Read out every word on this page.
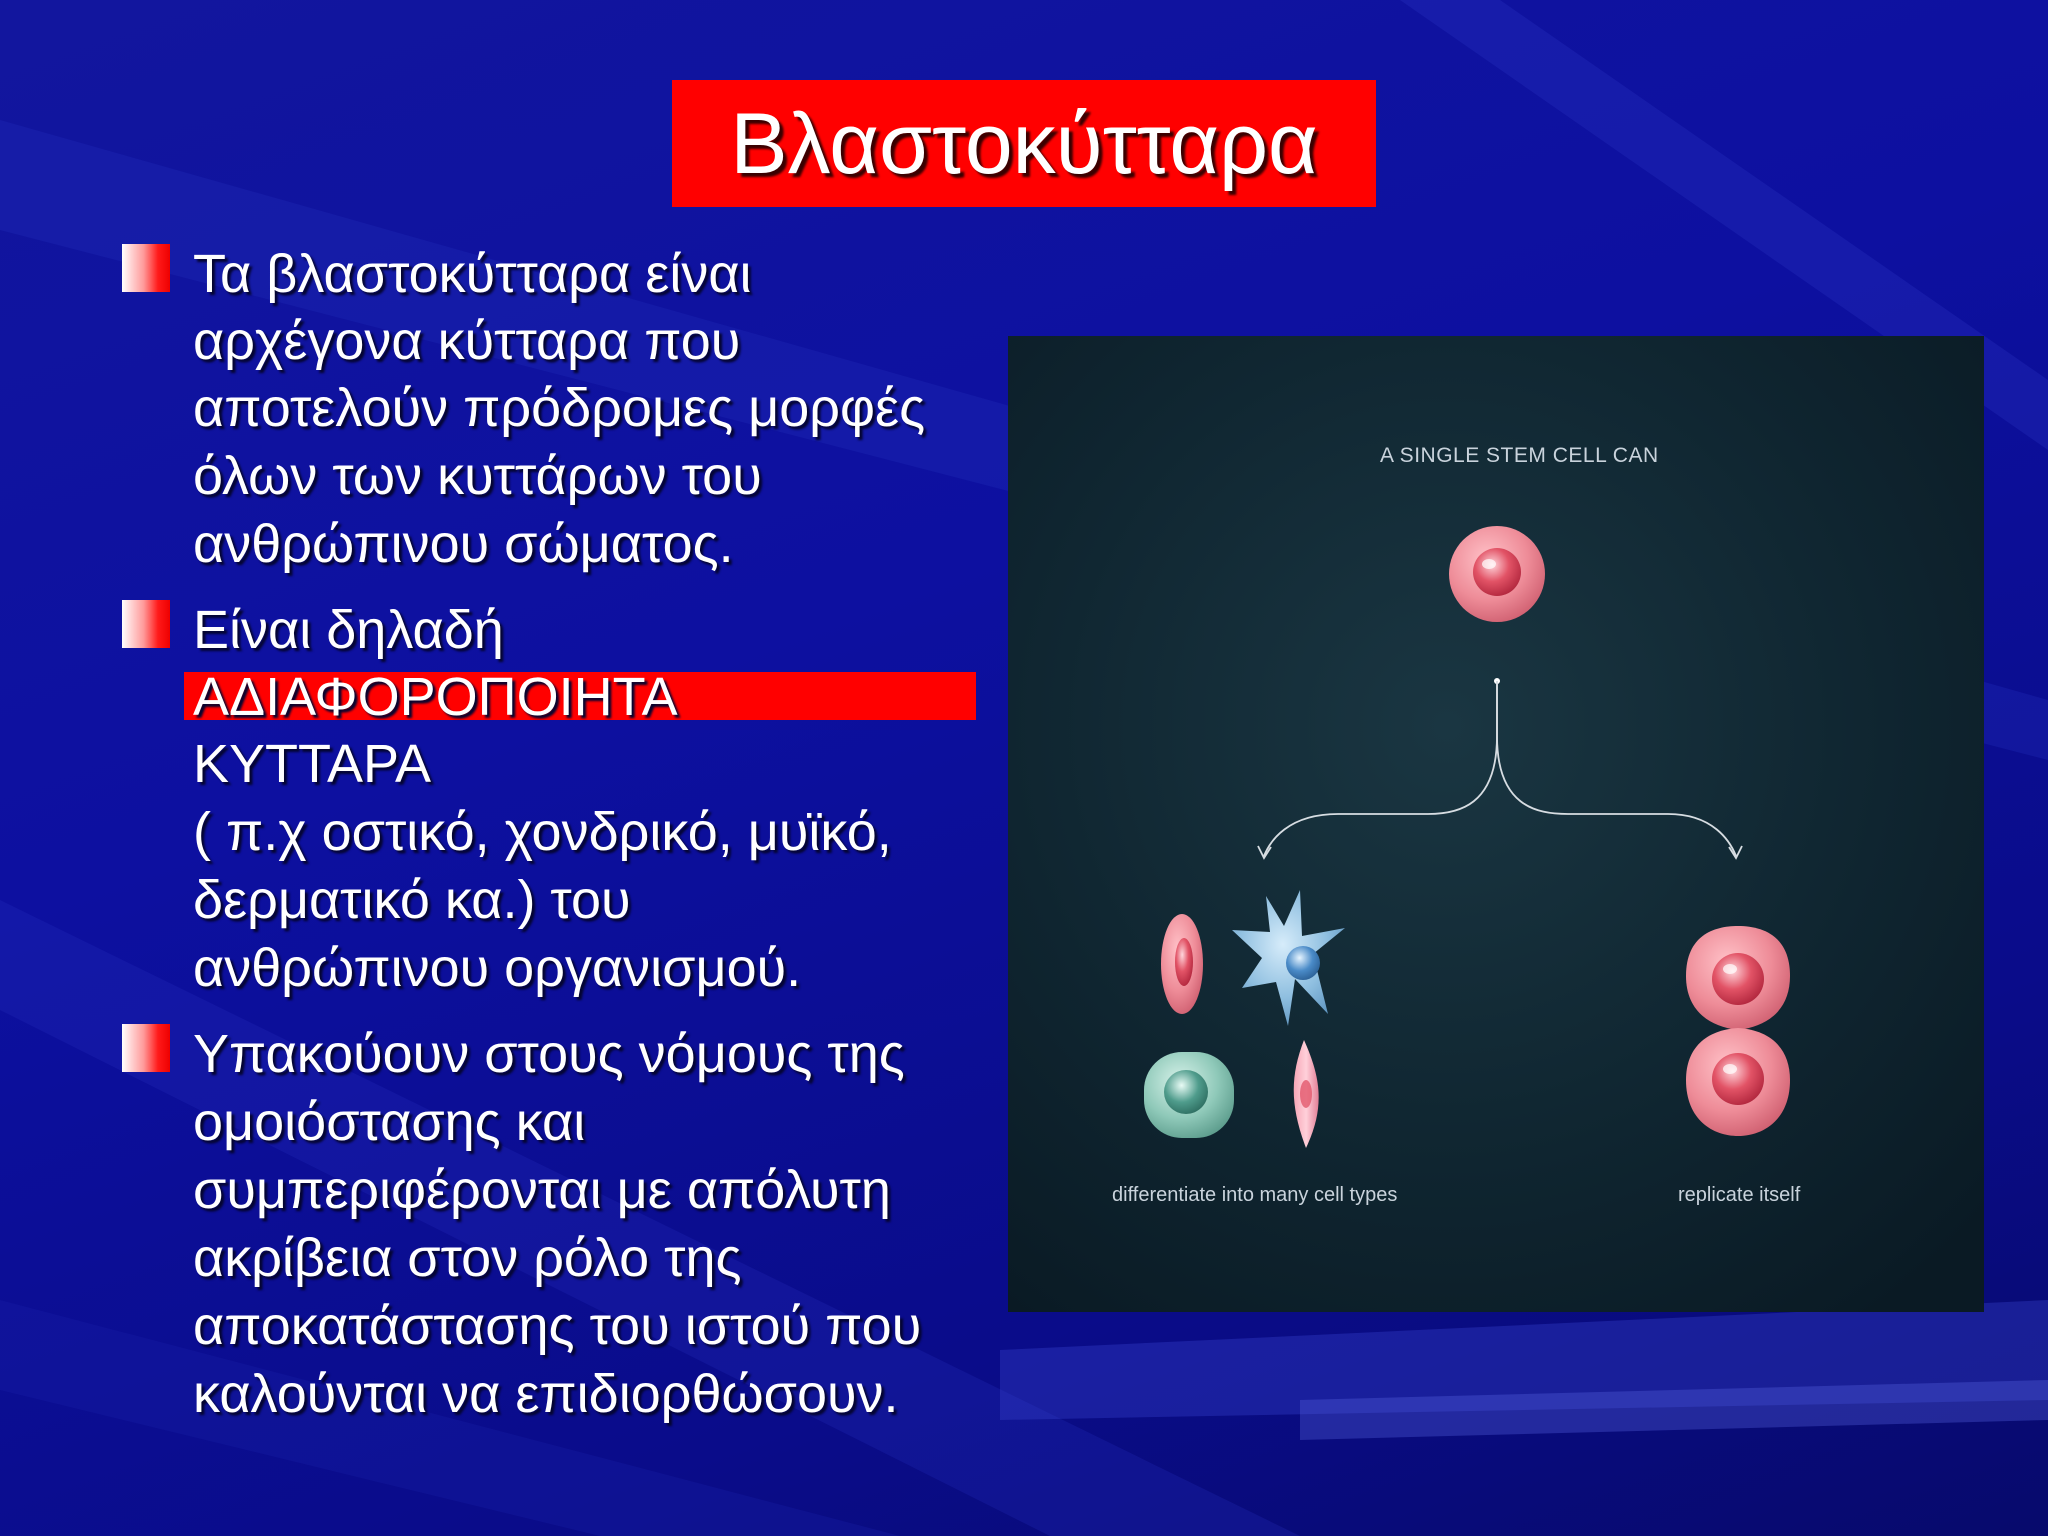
Βλαστοκύτταρα
Τα βλαστοκύτταρα είναι
αρχέγονα κύτταρα που
αποτελούν πρόδρομες μορφές
όλων των κυττάρων του
ανθρώπινου σώματος.
Είναι δηλαδή
ΑΔΙΑΦΟΡΟΠΟΙΗΤΑ
ΚΥΤΤΑΡΑ
( π.χ οστικό, χονδρικό, μυϊκό,
δερματικό κα.) του
ανθρώπινου οργανισμού.
Υπακούουν στους νόμους της
ομοιόστασης και
συμπεριφέρονται με απόλυτη
ακρίβεια στον ρόλο της
αποκατάστασης του ιστού που
καλούνται να επιδιορθώσουν.
A SINGLE STEM CELL CAN
differentiate into many cell types	replicate itself
